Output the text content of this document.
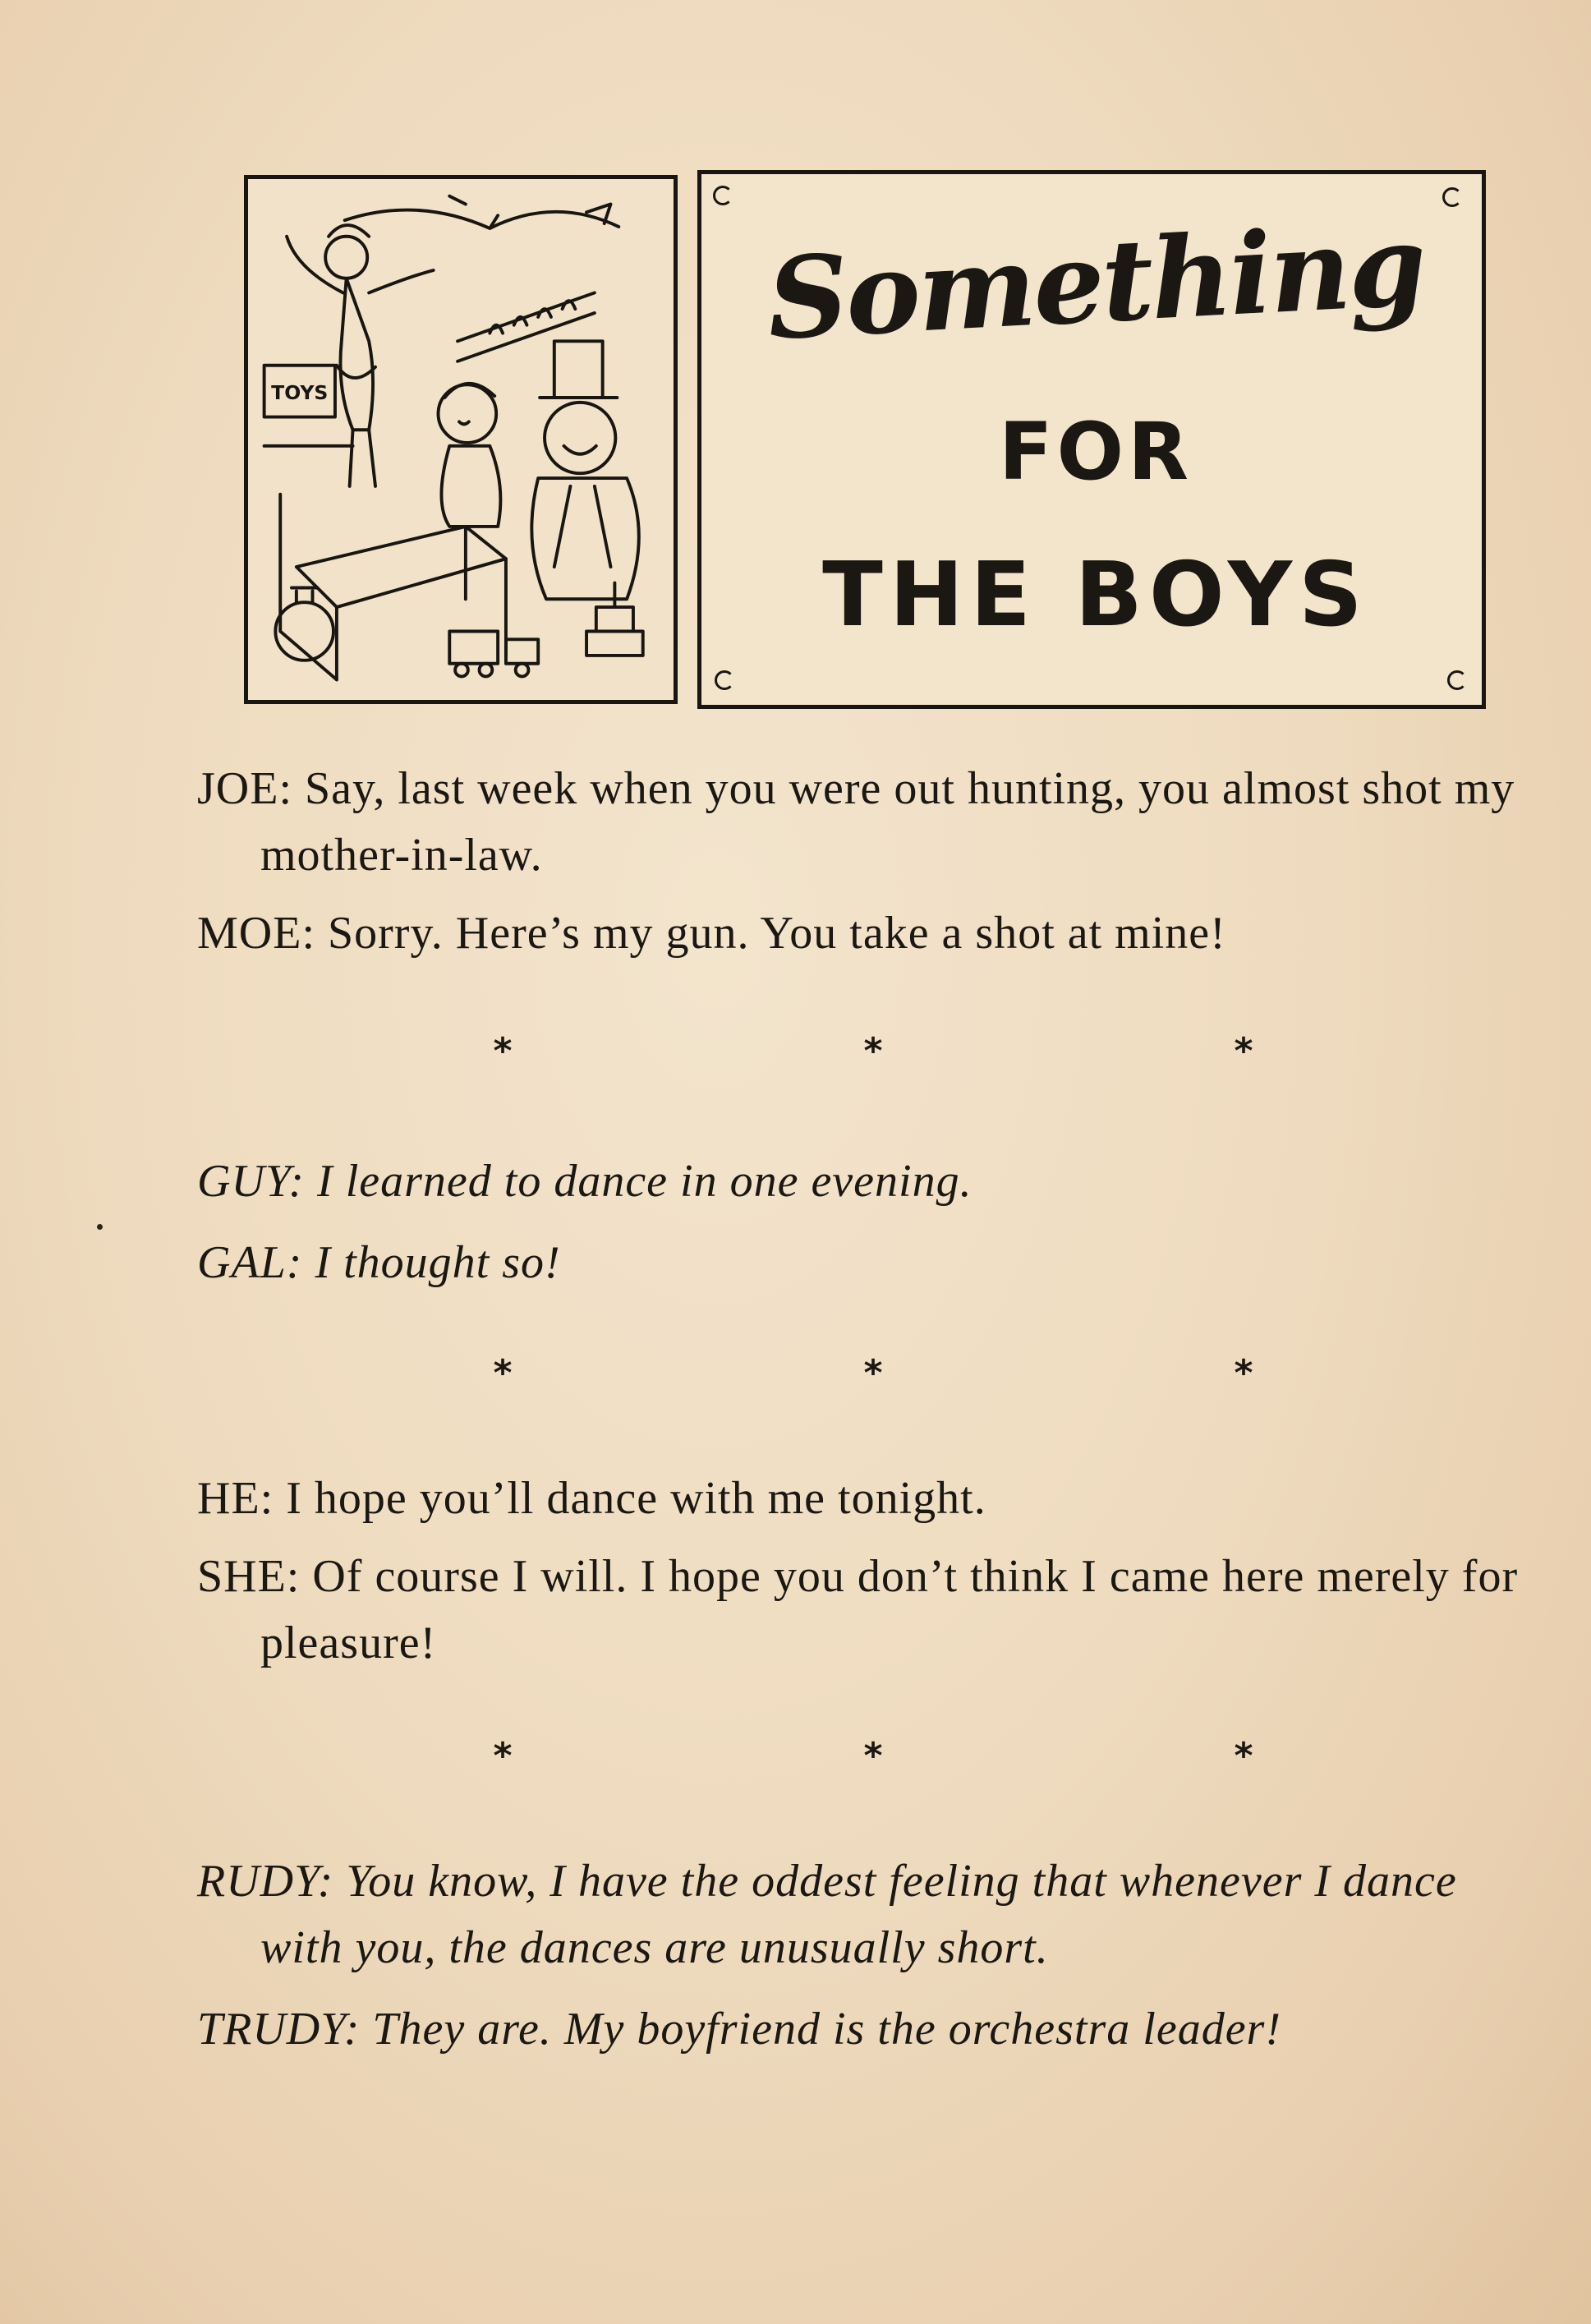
TOYS
Something
FOR
THE BOYS

JOE: Say, last week when you were out hunting, you almost shot my mother-in-law.

MOE: Sorry. Here’s my gun. You take a shot at mine!

*	*	*

GUY: I learned to dance in one evening.

GAL: I thought so!

*	*	*

HE: I hope you’ll dance with me tonight.

SHE: Of course I will. I hope you don’t think I came here merely for pleasure!

*	*	*

RUDY: You know, I have the oddest feeling that whenever I dance with you, the dances are unusually short.

TRUDY: They are. My boyfriend is the orchestra leader!
